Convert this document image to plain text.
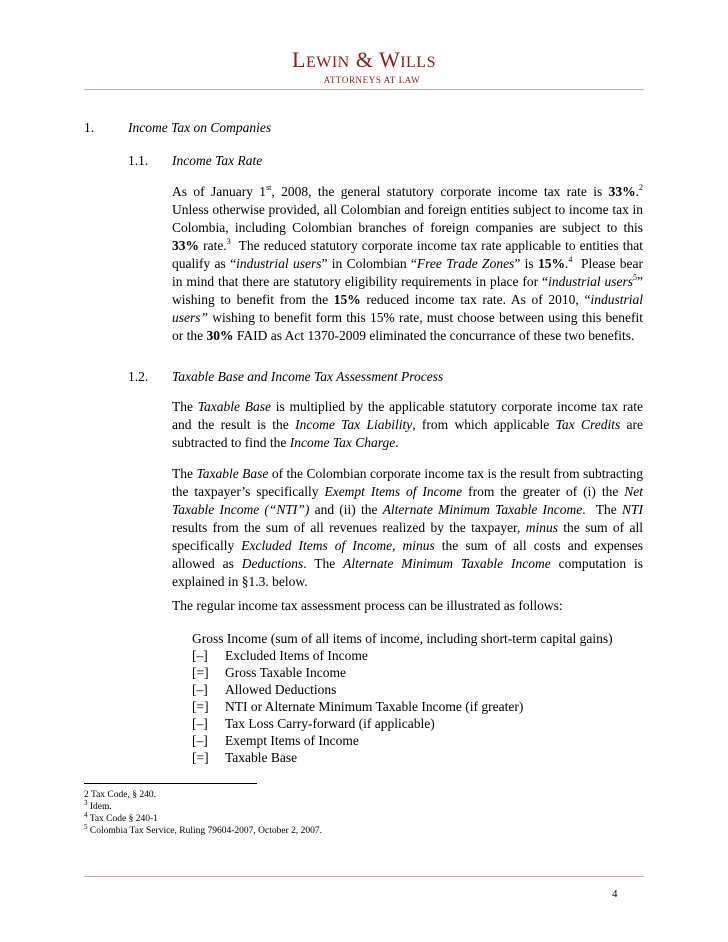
LEWIN & WILLS
ATTORNEYS AT LAW
1.	Income Tax on Companies
1.1. Income Tax Rate
As of January 1st, 2008, the general statutory corporate income tax rate is 33%.$^2$ Unless otherwise provided, all Colombian and foreign entities subject to income tax in Colombia, including Colombian branches of foreign companies are subject to this 33% rate.$^3$  The reduced statutory corporate income tax rate applicable to entities that qualify as “industrial users” in Colombian “Free Trade Zones” is 15%.$^4$  Please bear in mind that there are statutory eligibility requirements in place for “industrial users$^5$” wishing to benefit from the 15% reduced income tax rate. As of 2010, “industrial users” wishing to benefit form this 15% rate, must choose between using this benefit or the 30% FAID as Act 1370-2009 eliminated the concurrance of these two benefits.
1.2. Taxable Base and Income Tax Assessment Process
The Taxable Base is multiplied by the applicable statutory corporate income tax rate and the result is the Income Tax Liability, from which applicable Tax Credits are subtracted to find the Income Tax Charge.
The Taxable Base of the Colombian corporate income tax is the result from subtracting the taxpayer’s specifically Exempt Items of Income from the greater of (i) the Net Taxable Income (“NTI”) and (ii) the Alternate Minimum Taxable Income.  The NTI results from the sum of all revenues realized by the taxpayer, minus the sum of all specifically Excluded Items of Income, minus the sum of all costs and expenses allowed as Deductions. The Alternate Minimum Taxable Income computation is explained in §1.3. below.
The regular income tax assessment process can be illustrated as follows:
Gross Income (sum of all items of income, including short-term capital gains)
[–] Excluded Items of Income
[=] Gross Taxable Income
[–] Allowed Deductions
[=] NTI or Alternate Minimum Taxable Income (if greater)
[–] Tax Loss Carry-forward (if applicable)
[–] Exempt Items of Income
[=] Taxable Base
2 Tax Code, § 240.
$^3$ Idem.
$^4$ Tax Code § 240-1
$^5$ Colombia Tax Service, Ruling 79604-2007, October 2, 2007.
4
